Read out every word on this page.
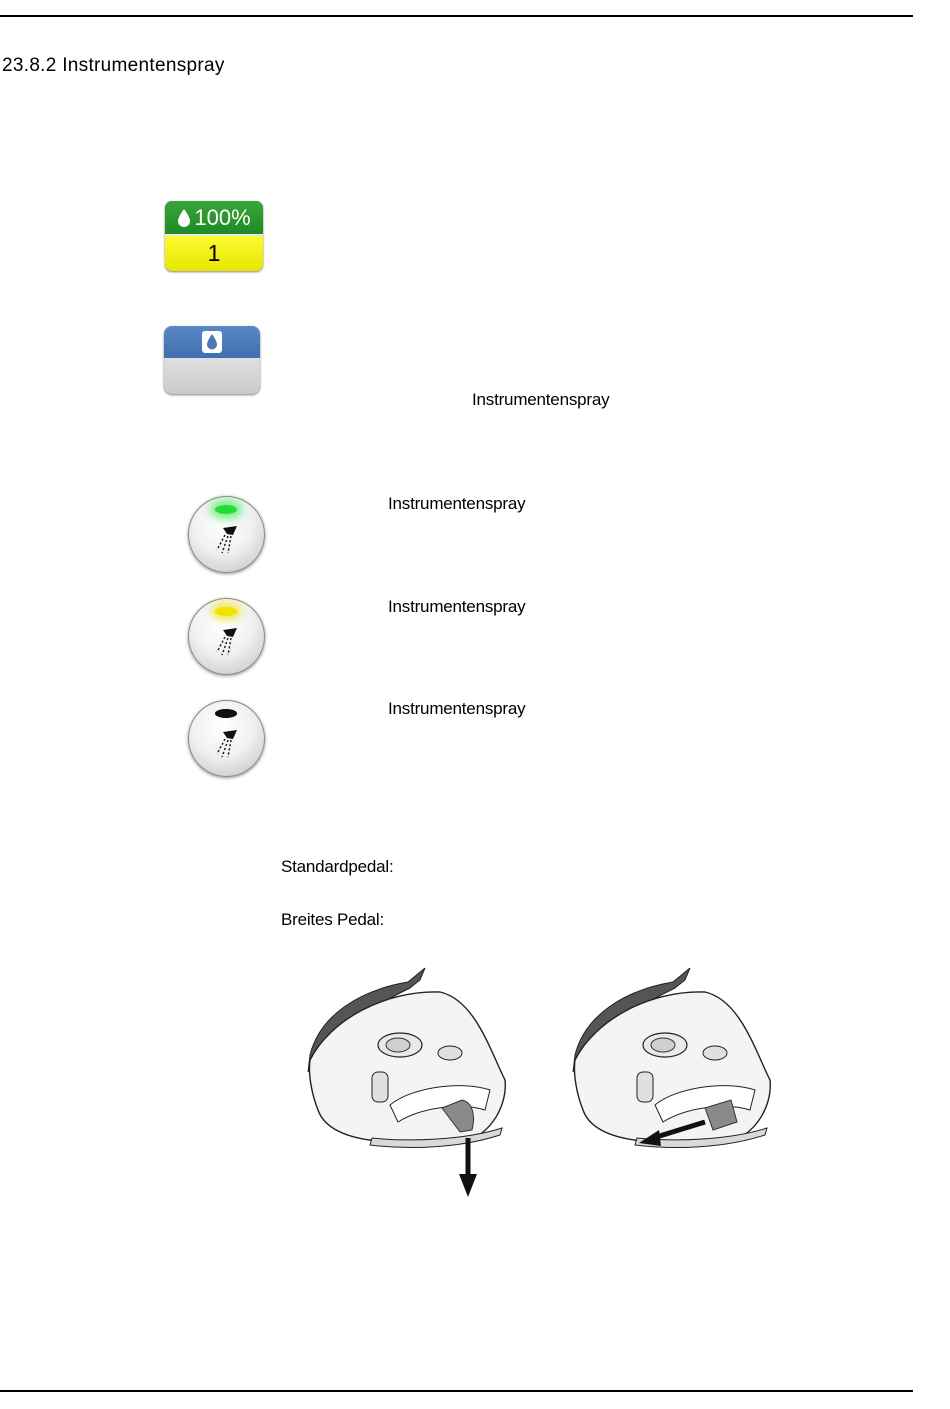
23.8.2 Instrumentenspray
100%
1
Instrumentenspray
Instrumentenspray
Instrumentenspray
Instrumentenspray
Standardpedal:
Breites Pedal:
